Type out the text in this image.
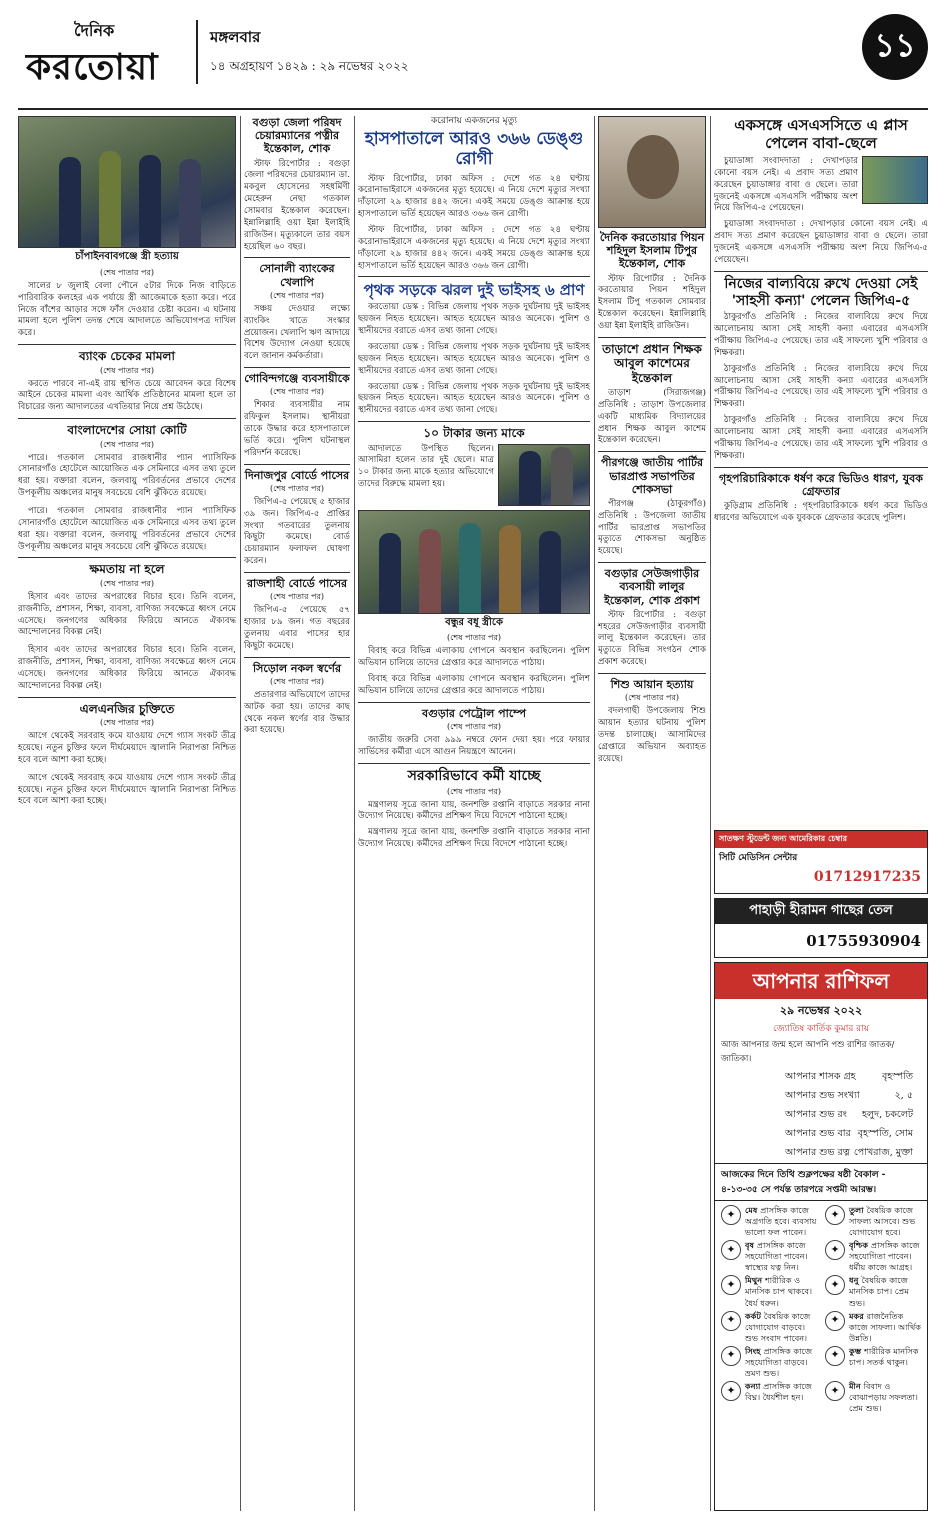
দৈনিক
করতোয়া
মঙ্গলবার
১৪ অগ্রহায়ণ ১৪২৯ : ২৯ নভেম্বর ২০২২
১১
চাঁপাইনবাবগঞ্জে স্ত্রী হত্যায়
(শেষ পাতার পর)

সালের ৮ জুলাই বেলা পৌনে ৫টার দিকে নিজ বাড়িতে পারিবারিক কলহের এক পর্যায়ে স্ত্রী আজেমাকে হত্যা করে। পরে নিজে বাঁশের আড়ার সঙ্গে ফাঁস দেওয়ার চেষ্টা করেন। এ ঘটনায় মামলা হলে পুলিশ তদন্ত শেষে আদালতে অভিযোগপত্র দাখিল করে।

ব্যাংক চেকের মামলা
(শেষ পাতার পর)

করতে পারবে না-এই রায় স্থগিত চেয়ে আবেদন করে বিশেষ আইনে চেকের মামলা এবং আর্থিক প্রতিষ্ঠানের মামলা হলে তা বিচারের জন্য আদালতের এখতিয়ার নিয়ে প্রশ্ন উঠেছে।

বাংলাদেশের সোয়া কোটি
(শেষ পাতার পর)

পারে। গতকাল সোমবার রাজধানীর প্যান প্যাসিফিক সোনারগাঁও হোটেলে আয়োজিত এক সেমিনারে এসব তথ্য তুলে ধরা হয়। বক্তারা বলেন, জলবায়ু পরিবর্তনের প্রভাবে দেশের উপকূলীয় অঞ্চলের মানুষ সবচেয়ে বেশি ঝুঁকিতে রয়েছে।

পারে। গতকাল সোমবার রাজধানীর প্যান প্যাসিফিক সোনারগাঁও হোটেলে আয়োজিত এক সেমিনারে এসব তথ্য তুলে ধরা হয়। বক্তারা বলেন, জলবায়ু পরিবর্তনের প্রভাবে দেশের উপকূলীয় অঞ্চলের মানুষ সবচেয়ে বেশি ঝুঁকিতে রয়েছে।

ক্ষমতায় না হলে
(শেষ পাতার পর)

হিসাব এবং তাদের অপরাধের বিচার হবে। তিনি বলেন, রাজনীতি, প্রশাসন, শিক্ষা, ব্যবসা, বাণিজ্য সবক্ষেত্রে ধ্বংস নেমে এসেছে। জনগণের অধিকার ফিরিয়ে আনতে ঐক্যবদ্ধ আন্দোলনের বিকল্প নেই।

হিসাব এবং তাদের অপরাধের বিচার হবে। তিনি বলেন, রাজনীতি, প্রশাসন, শিক্ষা, ব্যবসা, বাণিজ্য সবক্ষেত্রে ধ্বংস নেমে এসেছে। জনগণের অধিকার ফিরিয়ে আনতে ঐক্যবদ্ধ আন্দোলনের বিকল্প নেই।

এলএনজির চুক্তিতে
(শেষ পাতার পর)

আগে থেকেই সরবরাহ কমে যাওয়ায় দেশে গ্যাস সংকট তীব্র হয়েছে। নতুন চুক্তির ফলে দীর্ঘমেয়াদে জ্বালানি নিরাপত্তা নিশ্চিত হবে বলে আশা করা হচ্ছে।

আগে থেকেই সরবরাহ কমে যাওয়ায় দেশে গ্যাস সংকট তীব্র হয়েছে। নতুন চুক্তির ফলে দীর্ঘমেয়াদে জ্বালানি নিরাপত্তা নিশ্চিত হবে বলে আশা করা হচ্ছে।

বগুড়া জেলা পরিষদ চেয়ারম্যানের পত্নীর
ইন্তেকাল, শোক

স্টাফ রিপোর্টার : বগুড়া জেলা পরিষদের চেয়ারম্যান ডা. মকবুল হোসেনের সহধর্মিণী মেহেরুন নেছা গতকাল সোমবার ইন্তেকাল করেছেন। ইন্নালিল্লাহি ওয়া ইন্না ইলাইহি রাজিউন। মৃত্যুকালে তার বয়স হয়েছিল ৬০ বছর।

সোনালী ব্যাংকের খেলাপি
(শেষ পাতার পর)

সঞ্চয় দেওয়ার লক্ষ্যে ব্যাংকিং খাতে সংস্কার প্রয়োজন। খেলাপি ঋণ আদায়ে বিশেষ উদ্যোগ নেওয়া হয়েছে বলে জানান কর্মকর্তারা।

গোবিন্দগঞ্জে ব্যবসায়ীকে
(শেষ পাতার পর)

শিকার ব্যবসায়ীর নাম রফিকুল ইসলাম। স্থানীয়রা তাকে উদ্ধার করে হাসপাতালে ভর্তি করে। পুলিশ ঘটনাস্থল পরিদর্শন করেছে।

দিনাজপুর বোর্ডে পাসের
(শেষ পাতার পর)

জিপিএ-৫ পেয়েছে ৫ হাজার ৩৯ জন। জিপিএ-৫ প্রাপ্তির সংখ্যা গতবারের তুলনায় কিছুটা কমেছে। বোর্ড চেয়ারম্যান ফলাফল ঘোষণা করেন।

রাজশাহী বোর্ডে পাসের
(শেষ পাতার পর)

জিপিএ-৫ পেয়েছে ৫৭ হাজার ৮৯ জন। গত বছরের তুলনায় এবার পাসের হার কিছুটা কমেছে।

সিড়োল নকল স্বর্ণের
(শেষ পাতার পর)

প্রতারণার অভিযোগে তাদের আটক করা হয়। তাদের কাছ থেকে নকল স্বর্ণের বার উদ্ধার করা হয়েছে।

করোনায় একজনের মৃত্যু
হাসপাতালে আরও ৩৬৬ ডেঙ্গু রোগী

স্টাফ রিপোর্টার, ঢাকা অফিস : দেশে গত ২৪ ঘণ্টায় করোনাভাইরাসে একজনের মৃত্যু হয়েছে। এ নিয়ে দেশে মৃত্যুর সংখ্যা দাঁড়ালো ২৯ হাজার ৪৪২ জনে। একই সময়ে ডেঙ্গু আক্রান্ত হয়ে হাসপাতালে ভর্তি হয়েছেন আরও ৩৬৬ জন রোগী।

স্টাফ রিপোর্টার, ঢাকা অফিস : দেশে গত ২৪ ঘণ্টায় করোনাভাইরাসে একজনের মৃত্যু হয়েছে। এ নিয়ে দেশে মৃত্যুর সংখ্যা দাঁড়ালো ২৯ হাজার ৪৪২ জনে। একই সময়ে ডেঙ্গু আক্রান্ত হয়ে হাসপাতালে ভর্তি হয়েছেন আরও ৩৬৬ জন রোগী।

পৃথক সড়কে ঝরল দুই ভাইসহ ৬ প্রাণ

করতোয়া ডেস্ক : বিভিন্ন জেলায় পৃথক সড়ক দুর্ঘটনায় দুই ভাইসহ ছয়জন নিহত হয়েছেন। আহত হয়েছেন আরও অনেকে। পুলিশ ও স্থানীয়দের বরাতে এসব তথ্য জানা গেছে।

করতোয়া ডেস্ক : বিভিন্ন জেলায় পৃথক সড়ক দুর্ঘটনায় দুই ভাইসহ ছয়জন নিহত হয়েছেন। আহত হয়েছেন আরও অনেকে। পুলিশ ও স্থানীয়দের বরাতে এসব তথ্য জানা গেছে।

করতোয়া ডেস্ক : বিভিন্ন জেলায় পৃথক সড়ক দুর্ঘটনায় দুই ভাইসহ ছয়জন নিহত হয়েছেন। আহত হয়েছেন আরও অনেকে। পুলিশ ও স্থানীয়দের বরাতে এসব তথ্য জানা গেছে।

১০ টাকার জন্য মাকে

আদালতে উপস্থিত ছিলেন। আসামিরা হলেন তার দুই ছেলে। মাত্র ১০ টাকার জন্য মাকে হত্যার অভিযোগে তাদের বিরুদ্ধে মামলা হয়।

বন্ধুর বধূ স্ত্রীকে
(শেষ পাতার পর)

বিবাহ করে বিভিন্ন এলাকায় গোপনে অবস্থান করছিলেন। পুলিশ অভিযান চালিয়ে তাদের গ্রেপ্তার করে আদালতে পাঠায়।

বিবাহ করে বিভিন্ন এলাকায় গোপনে অবস্থান করছিলেন। পুলিশ অভিযান চালিয়ে তাদের গ্রেপ্তার করে আদালতে পাঠায়।

বগুড়ার পেট্রোল পাম্পে
(শেষ পাতার পর)

জাতীয় জরুরি সেবা ৯৯৯ নম্বরে ফোন দেয়া হয়। পরে ফায়ার সার্ভিসের কর্মীরা এসে আগুন নিয়ন্ত্রণে আনেন।

সরকারিভাবে কর্মী যাচ্ছে
(শেষ পাতার পর)

মন্ত্রণালয় সূত্রে জানা যায়, জনশক্তি রপ্তানি বাড়াতে সরকার নানা উদ্যোগ নিয়েছে। কর্মীদের প্রশিক্ষণ দিয়ে বিদেশে পাঠানো হচ্ছে।

মন্ত্রণালয় সূত্রে জানা যায়, জনশক্তি রপ্তানি বাড়াতে সরকার নানা উদ্যোগ নিয়েছে। কর্মীদের প্রশিক্ষণ দিয়ে বিদেশে পাঠানো হচ্ছে।

দৈনিক করতোয়ার পিয়ন শহিদুল ইসলাম টিপুর ইন্তেকাল, শোক

স্টাফ রিপোর্টার : দৈনিক করতোয়ার পিয়ন শহিদুল ইসলাম টিপু গতকাল সোমবার ইন্তেকাল করেছেন। ইন্নালিল্লাহি ওয়া ইন্না ইলাইহি রাজিউন।

তাড়াশে প্রধান শিক্ষক আবুল কাশেমের ইন্তেকাল

তাড়াশ (সিরাজগঞ্জ) প্রতিনিধি : তাড়াশ উপজেলার একটি মাধ্যমিক বিদ্যালয়ের প্রধান শিক্ষক আবুল কাশেম ইন্তেকাল করেছেন।

পীরগঞ্জে জাতীয় পার্টির ভারপ্রাপ্ত সভাপতির শোকসভা

পীরগঞ্জ (ঠাকুরগাঁও) প্রতিনিধি : উপজেলা জাতীয় পার্টির ভারপ্রাপ্ত সভাপতির মৃত্যুতে শোকসভা অনুষ্ঠিত হয়েছে।

বগুড়ার সেউজগাড়ীর ব্যবসায়ী লালুর ইন্তেকাল, শোক প্রকাশ

স্টাফ রিপোর্টার : বগুড়া শহরের সেউজগাড়ীর ব্যবসায়ী লালু ইন্তেকাল করেছেন। তার মৃত্যুতে বিভিন্ন সংগঠন শোক প্রকাশ করেছে।

শিশু আয়ান হত্যায়
(শেষ পাতার পর)

বদলগাছী উপজেলায় শিশু আয়ান হত্যার ঘটনায় পুলিশ তদন্ত চালাচ্ছে। আসামিদের গ্রেপ্তারে অভিযান অব্যাহত রয়েছে।

একসঙ্গে এসএসসিতে এ প্লাস পেলেন বাবা-ছেলে

চুয়াডাঙ্গা সংবাদদাতা : দেখাপড়ার কোনো বয়স নেই। এ প্রবাদ সত্য প্রমাণ করেছেন চুয়াডাঙ্গার বাবা ও ছেলে। তারা দুজনেই একসঙ্গে এসএসসি পরীক্ষায় অংশ নিয়ে জিপিএ-৫ পেয়েছেন।

চুয়াডাঙ্গা সংবাদদাতা : দেখাপড়ার কোনো বয়স নেই। এ প্রবাদ সত্য প্রমাণ করেছেন চুয়াডাঙ্গার বাবা ও ছেলে। তারা দুজনেই একসঙ্গে এসএসসি পরীক্ষায় অংশ নিয়ে জিপিএ-৫ পেয়েছেন।

নিজের বাল্যবিয়ে রুখে দেওয়া সেই 'সাহসী কন্যা' পেলেন জিপিএ-৫

ঠাকুরগাঁও প্রতিনিধি : নিজের বাল্যবিয়ে রুখে দিয়ে আলোচনায় আসা সেই সাহসী কন্যা এবারের এসএসসি পরীক্ষায় জিপিএ-৫ পেয়েছে। তার এই সাফল্যে খুশি পরিবার ও শিক্ষকরা।

ঠাকুরগাঁও প্রতিনিধি : নিজের বাল্যবিয়ে রুখে দিয়ে আলোচনায় আসা সেই সাহসী কন্যা এবারের এসএসসি পরীক্ষায় জিপিএ-৫ পেয়েছে। তার এই সাফল্যে খুশি পরিবার ও শিক্ষকরা।

ঠাকুরগাঁও প্রতিনিধি : নিজের বাল্যবিয়ে রুখে দিয়ে আলোচনায় আসা সেই সাহসী কন্যা এবারের এসএসসি পরীক্ষায় জিপিএ-৫ পেয়েছে। তার এই সাফল্যে খুশি পরিবার ও শিক্ষকরা।

গৃহপরিচারিকাকে ধর্ষণ করে ভিডিও ধারণ, যুবক গ্রেফতার

কুড়িগ্রাম প্রতিনিধি : গৃহপরিচারিকাকে ধর্ষণ করে ভিডিও ধারণের অভিযোগে এক যুবককে গ্রেফতার করেছে পুলিশ।

সাতক্ষণ স্টুডেন্ট জন্য আমেরিকার চেম্বার
সিটি মেডিসিন সেন্টার
01712917235
পাহাড়ী হীরামন গাছের তেল
01755930904
আপনার রাশিফল
২৯ নভেম্বর ২০২২
জ্যোতিষ কার্তিক কুমার রায়
আজ আপনার জন্ম হলে আপনি পশু রাশির জাতক/জাতিকা।
আপনার শাসক গ্রহ	বৃহস্পতি
আপনার শুভ সংখ্যা	২, ৫
আপনার শুভ রং হলুদ, চকলেট
আপনার শুভ বার বৃহস্পতি, সোম
আপনার শুভ রত্ন পোখরাজ, মুক্তা
আজকের দিনে তিথি শুক্লপক্ষের ষষ্ঠী বৈকাল - ৪-১৩-৩৫ সে পর্যন্ত তারপরে সপ্তমী আরম্ভ।
✦	মেষ প্রাসঙ্গিক কাজে অগ্রগতি হবে। ব্যবসায় ভালো ফল পাবেন।
✦	তুলা বৈষয়িক কাজে সাফল্য আসবে। শুভ যোগাযোগ হবে।
✦	বৃষ প্রাসঙ্গিক কাজে সহযোগিতা পাবেন। স্বাস্থ্যের যত্ন নিন।
✦	বৃশ্চিক প্রাসঙ্গিক কাজে সহযোগিতা পাবেন। ধর্মীয় কাজে আগ্রহ।
✦	মিথুন শারীরিক ও মানসিক চাপ থাকবে। ধৈর্য ধরুন।
✦	ধনু বৈষয়িক কাজে মানসিক চাপ। প্রেম শুভ।
✦	কর্কট বৈষয়িক কাজে যোগাযোগ বাড়বে। শুভ সংবাদ পাবেন।
✦	মকর রাজনৈতিক কাজে সাফল্য। আর্থিক উন্নতি।
✦	সিংহ প্রাসঙ্গিক কাজে সহযোগিতা বাড়বে। ভ্রমণ শুভ।
✦	কুম্ভ শারীরিক মানসিক চাপ। সতর্ক থাকুন।
✦	কন্যা প্রাসঙ্গিক কাজে বিঘ্ন। ধৈর্যশীল হন।
✦	মীন বিবাদ ও বোঝাপড়ায় সফলতা। প্রেম শুভ।
